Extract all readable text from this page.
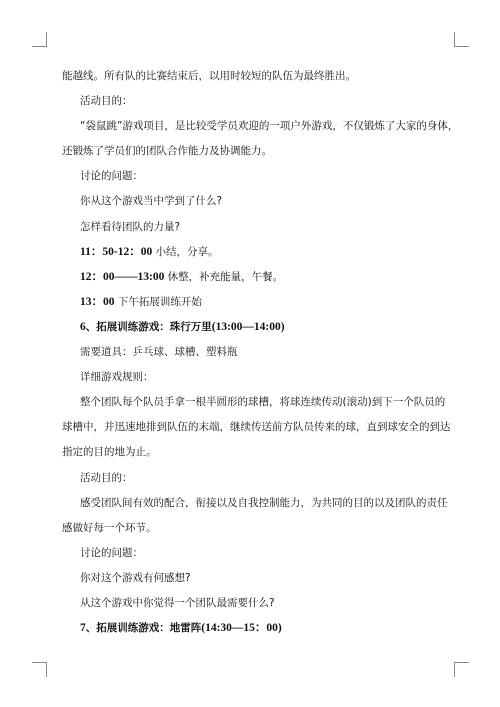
能越线。所有队的比赛结束后，以用时较短的队伍为最终胜出。
活动目的：
“袋鼠跳”游戏项目，是比较受学员欢迎的一项户外游戏，不仅锻炼了大家的身体，
还锻炼了学员们的团队合作能力及协调能力。
讨论的问题：
你从这个游戏当中学到了什么?
怎样看待团队的力量?
11：50-12：00 小结，分享。
12：00——13:00 休整，补充能量，午餐。
13：00 下午拓展训练开始
6、拓展训练游戏：珠行万里(13:00—14:00)
需要道具：乒乓球、球槽、塑料瓶
详细游戏规则：
整个团队每个队员手拿一根半圆形的球槽，将球连续传动(滚动)到下一个队员的
球槽中，并迅速地排到队伍的末端，继续传送前方队员传来的球，直到球安全的到达
指定的目的地为止。
活动目的：
感受团队间有效的配合，衔接以及自我控制能力，为共同的目的以及团队的责任
感做好每一个环节。
讨论的问题：
你对这个游戏有何感想?
从这个游戏中你觉得一个团队最需要什么?
7、拓展训练游戏：地雷阵(14:30—15：00)
